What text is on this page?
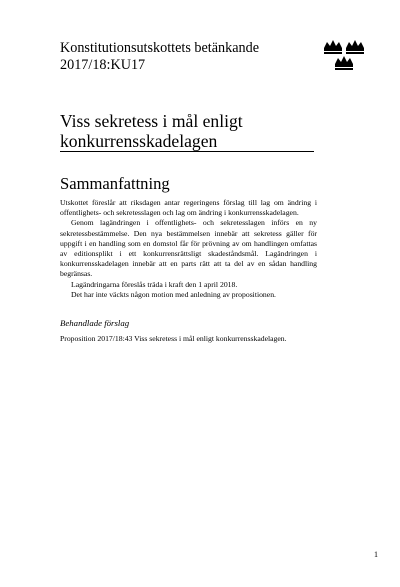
Konstitutionsutskottets betänkande
2017/18:KU17
Viss sekretess i mål enligt
konkurrensskadelagen
Sammanfattning

Utskottet föreslår att riksdagen antar regeringens förslag till lag om ändring i offentlighets- och sekretesslagen och lag om ändring i konkurrensskadelagen.

Genom lagändringen i offentlighets- och sekretesslagen införs en ny sekretessbestämmelse. Den nya bestämmelsen innebär att sekretess gäller för uppgift i en handling som en domstol får för prövning av om handlingen omfattas av editionsplikt i ett konkurrensrättsligt skadeståndsmål. Lagändringen i konkurrensskadelagen innebär att en parts rätt att ta del av en sådan handling begränsas.

Lagändringarna föreslås träda i kraft den 1 april 2018.

Det har inte väckts någon motion med anledning av propositionen.

Behandlade förslag
Proposition 2017/18:43 Viss sekretess i mål enligt konkurrensskadelagen.
1
